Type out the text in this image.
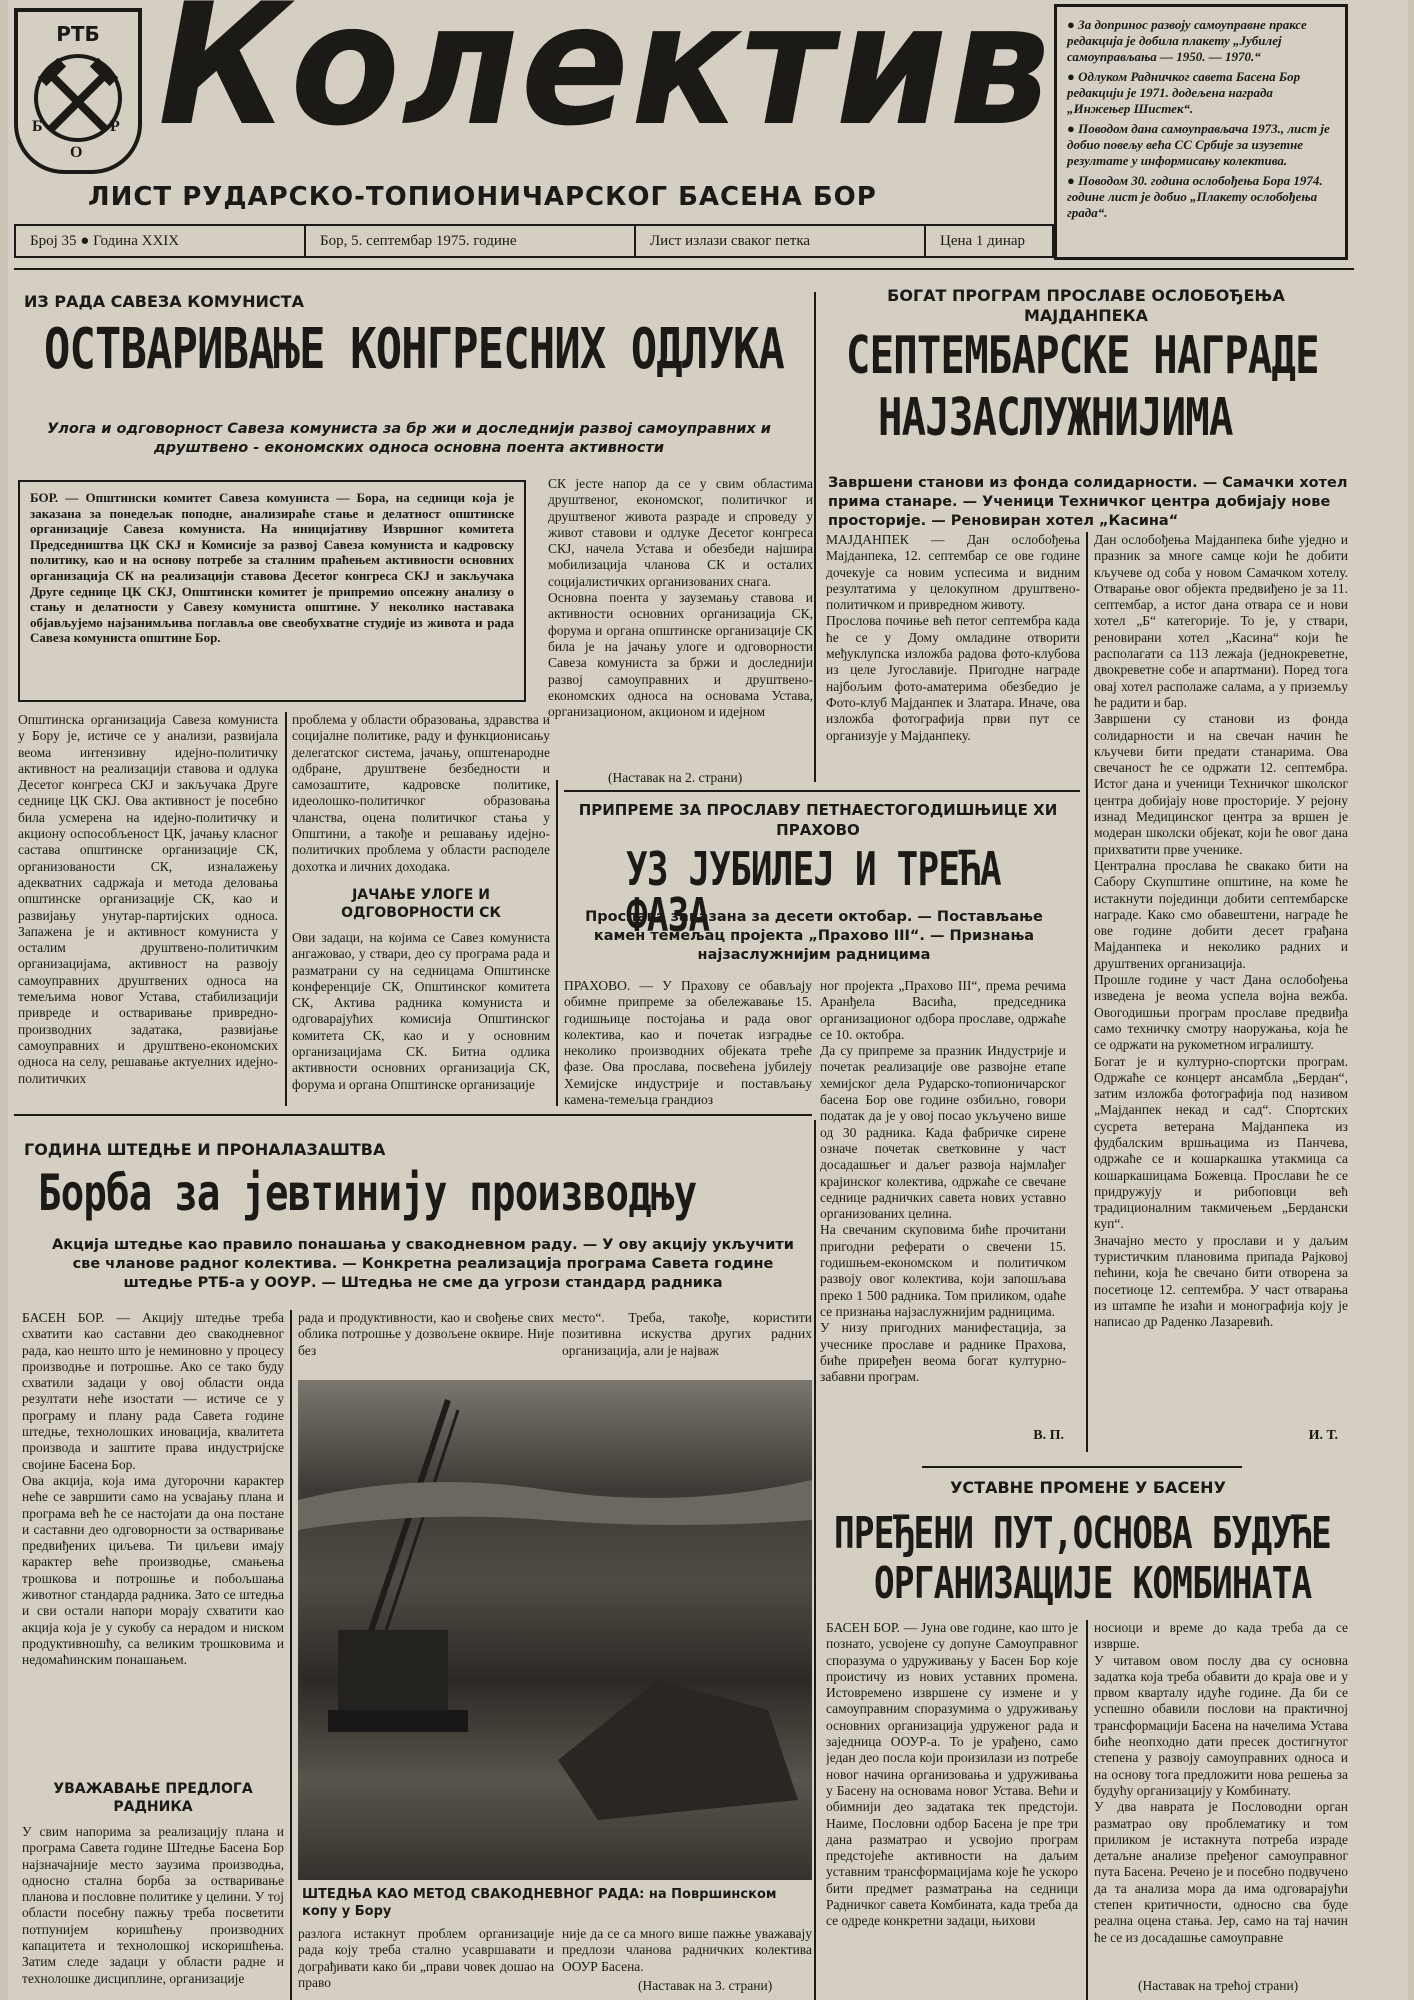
РТБ
Б
О
Р Колектив
ЛИСТ РУДАРСКО-ТОПИОНИЧАРСКОГ БАСЕНА БОР
Број 35 ● Година XXIX	Бор, 5. септембар 1975. године	Лист излази сваког петка	Цена 1 динар

● За допринос развоју самоуправне праксе редакција је добила плакету „Јубилеј самоуправљања — 1950. — 1970.“

● Одлуком Радничког савета Басена Бор редакцији је 1971. додељена награда „Инжењер Шистек“.

● Поводом дана самоуправљача 1973., лист је добио повељу већа СС Србије за изузетне резултате у информисању колектива.

● Поводом 30. година ослобођења Бора 1974. године лист је добио „Плакету ослобођења града“.

ИЗ РАДА САВЕЗА КОМУНИСТА
ОСТВАРИВАЊЕ КОНГРЕСНИХ ОДЛУКА
Улога и одговорност Савеза комуниста за бр жи и доследнији развој самоуправних и друштвено - економских односа основна поента активности
БОР. — Општински комитет Савеза комуниста — Бора, на седници која је заказана за понедељак поподне, анализираће стање и делатност општинске организације Савеза комуниста. На иницијативу Извршног комитета Председништва ЦК СКЈ и Комисије за развој Савеза комуниста и кадровску политику, као и на основу потребе за сталним праћењем активности основних организација СК на реализацији ставова Десетог конгреса СКЈ и закључака Друге седнице ЦК СКЈ, Општински комитет је припремио опсежну анализу о стању и делатности у Савезу комуниста општине. У неколико наставака објављујемо најзанимљива поглавља ове свеобухватне студије из живота и рада Савеза комуниста општине Бор.
СК јесте напор да се у свим областима друштвеног, економског, политичког и друштвеног живота разраде и спроведу у живот ставови и одлуке Десетог конгреса СКЈ, начела Устава и обезбеди најшира мобилизација чланова СК и осталих социјалистичких организованих снага.
Основна поента у зауземању ставова и активности основних организација СК, форума и органа општинске организације СК била је на јачању улоге и одговорности Савеза комуниста за бржи и доследнији развој самоуправних и друштвено-економских односа на основама Устава, организационом, акционом и идејном
(Наставак на 2. страни)
Општинска организација Савеза комуниста у Бору је, истиче се у анализи, развијала веома интензивну идејно-политичку активност на реализацији ставова и одлука Десетог конгреса СКЈ и закључака Друге седнице ЦК СКЈ. Ова активност је посебно била усмерена на идејно-политичку и акциону оспособљеност ЦК, јачању класног састава општинске организације СК, организованости СК, изналажењу адекватних садржаја и метода деловања општинске организације СК, као и развијању унутар-партијских односа. Запажена је и активност комуниста у осталим друштвено-политичким организацијама, активност на развоју самоуправних друштвених односа на темељима новог Устава, стабилизацији привреде и остваривање привредно-производних задатака, развијање самоуправних и друштвено-економских односа на селу, решавање актуелних идејно-политичких
проблема у области образовања, здравства и социјалне политике, раду и функционисању делегатског система, јачању, општенародне одбране, друштвене безбедности и самозаштите, кадровске политике, идеолошко-политичког образовања чланства, оцена политичког стања у Општини, а такође и решавању идејно-политичких проблема у области расподеле дохотка и личних доходака.
ЈАЧАЊЕ УЛОГЕ И ОДГОВОРНОСТИ СК
Ови задаци, на којима се Савез комуниста ангажовао, у ствари, део су програма рада и разматрани су на седницама Општинске конференције СК, Општинског комитета СК, Актива радника комуниста и одговарајућих комисија Општинског комитета СК, као и у основним организацијама СК. Битна одлика активности основних организација СК, форума и органа Општинске организације
ПРИПРЕМЕ ЗА ПРОСЛАВУ ПЕТНАЕСТОГОДИШЊИЦЕ ХИ ПРАХОВО
УЗ ЈУБИЛЕЈ И ТРЕЋА ФАЗА
Прослава заказана за десети октобар. — Постављање камен темељац пројекта „Прахово III“. — Признања најзаслужнијим радницима
ПРАХОВО. — У Прахову се обављају обимне припреме за обележавање 15. годишњице постојања и рада овог колектива, као и почетак изградње неколико производних објеката треће фазе. Ова прослава, посвећена јубилеју Хемијске индустрије и постављању камена-темељца грандиоз
ног пројекта „Прахово III“, према речима Аранђела Васића, председника организационог одбора прославе, одржаће се 10. октобра.
Да су припреме за празник Индустрије и почетак реализације ове развојне етапе хемијског дела Рударско-топионичарског басена Бор ове године озбиљно, говори податак да је у овој посао укључено више од 30 радника. Када фабричке сирене означе почетак светковине у част досадашњег и даљег развоја најмлађег крајинског колектива, одржаће се свечане седнице радничких савета нових уставно организованих целина.
На свечаним скуповима биће прочитани пригодни реферати о свечени 15. годишњем-економском и политичком развоју овог колектива, који запошљава преко 1 500 радника. Том приликом, одаће се признања најзаслужнијим радницима.
У низу пригодних манифестација, за учеснике прославе и раднике Прахова, биће приређен веома богат културно-забавни програм.
В. П.
БОГАТ ПРОГРАМ ПРОСЛАВЕ ОСЛОБОЂЕЊА МАЈДАНПЕКА
СЕПТЕМБАРСКЕ НАГРАДЕ
НАЈЗАСЛУЖНИЈИМА
Завршени станови из фонда солидарности. — Самачки хотел прима станаре. — Ученици Техничког центра добијају нове просторије. — Реновиран хотел „Касина“
МАЈДАНПЕК — Дан ослобођења Мајданпека, 12. септембар се ове године дочекује са новим успесима и видним резултатима у целокупном друштвено-политичком и привредном животу.
Прослова почиње већ петог септембра када ће се у Дому омладине отворити међуклупска изложба радова фото-клубова из целе Југославије. Пригодне награде најбољим фото-аматерима обезбедио је Фото-клуб Мајданпек и Златара. Иначе, ова изложба фотографија први пут се организује у Мајданпеку.
Дан ослобођења Мајданпека биће уједно и празник за многе самце који ће добити кључеве од соба у новом Самачком хотелу. Отварање овог објекта предвиђено је за 11. септембар, а истог дана отвара се и нови хотел „Б“ категорије. То је, у ствари, реновирани хотел „Касина“ који ће располагати са 113 лежаја (једнокреветне, двокреветне собе и апартмани). Поред тога овај хотел располаже салама, а у приземљу ће радити и бар.
Завршени су станови из фонда солидарности и на свечан начин ће кључеви бити предати станарима. Ова свечаност ће се одржати 12. септембра. Истог дана и ученици Техничког школског центра добијају нове просторије. У рејону изнад Медицинског центра за вршен је модеран школски објекат, који ће овог дана прихватити прве ученике.
Централна прослава ће свакако бити на Сабору Скупштине општине, на коме ће истакнути појединци добити септембарске награде. Како смо обавештени, награде ће ове године добити десет грађана Мајданпека и неколико радних и друштвених организација.
Прошле године у част Дана ослобођења изведена је веома успела војна вежба. Овогодишњи програм прославе предвиђа само техничку смотру наоружања, која ће се одржати на рукометном игралишту.
Богат је и културно-спортски програм. Одржаће се концерт ансамбла „Бердан“, затим изложба фотографија под називом „Мајданпек некад и сад“. Спортских сусрета ветерана Мајданпека из фудбалским вршњацима из Панчева, одржаће се и кошаркашка утакмица са кошаркашицама Божевца. Прослави ће се придружују и рибоповци већ традиционалним такмичењем „Бердански куп“.
Значајно место у прослави и у даљим туристичким плановима припада Рајковој пећини, која ће свечано бити отворена за посетиоце 12. септембра. У част отварања из штампе ће изаћи и монографија коју је написао др Раденко Лазаревић.
И. Т.
ГОДИНА ШТЕДЊЕ И ПРОНАЛАЗАШТВА
Борба за јевтинију производњу
Акција штедње као правило понашања у свакодневном раду. — У ову акцију укључити све чланове радног колектива. — Конкретна реализација програма Савета године штедње РТБ-а у ООУР. — Штедња не сме да угрози стандард радника
БАСЕН БОР. — Акцију штедње треба схватити као саставни део свакодневног рада, као нешто што је неминовно у процесу производње и потрошње. Ако се тако буду схватили задаци у овој области онда резултати неће изостати — истиче се у програму и плану рада Савета године штедње, технолошких иновација, квалитета производа и заштите права индустријске својине Басена Бор.
Ова акција, која има дугорочни карактер неће се завршити само на усвајању плана и програма већ ће се настојати да она постане и саставни део одговорности за остваривање предвиђених циљева. Ти циљеви имају карактер веће производње, смањења трошкова и потрошње и побољшања животног стандарда радника. Зато се штедња и сви остали напори морају схватити као акција која је у сукобу са нерадом и ниском продуктивношћу, са великим трошковима и недомаћинским понашањем.
УВАЖАВАЊЕ ПРЕДЛОГА РАДНИКА
У свим напорима за реализацију плана и програма Савета године Штедње Басена Бор најзначајније место заузима производња, односно стална борба за остваривање планова и пословне политике у целини. У тој области посебну пажњу треба посветити потпунијем коришћењу производних капацитета и технолошкој искоришћења. Затим следе задаци у области радне и технолошке дисциплине, организације
рада и продуктивности, као и свођење свих облика потрошње у дозвољене оквире. Није без
место“. Треба, такође, користити позитивна искуства других радних организација, али је најваж
ШТЕДЊА КАО МЕТОД СВАКОДНЕВНОГ РАДА: на Површинском копу у Бору
разлога истакнут проблем организације рада коју треба стално усавршавати и дограђивати како би „прави човек дошао на право
није да се са много више пажње уважавају предлози чланова радничких колектива ООУР Басена.
(Наставак на 3. страни)
УСТАВНЕ ПРОМЕНЕ У БАСЕНУ
ПРЕЂЕНИ ПУТ,ОСНОВА БУДУЋЕ
ОРГАНИЗАЦИЈЕ КОМБИНАТА
БАСЕН БОР. — Јуна ове године, као што је познато, усвојене су допуне Самоуправног споразума о удруживању у Басен Бор које проистичу из нових уставних промена. Истовремено извршене су измене и у самоуправним споразумима о удруживању основних организација удруженог рада и заједница ООУР-а. То је урађено, само један део посла који произилази из потребе новог начина организовања и удруживања у Басену на основама новог Устава. Већи и обимнији део задатака тек предстоји. Наиме, Пословни одбор Басена је пре три дана разматрао и усвојио програм предстојеће активности на даљим уставним трансформацијама које ће ускоро бити предмет разматрања на седници Радничког савета Комбината, када треба да се одреде конкретни задаци, њихови
носиоци и време до када треба да се изврше.
У читавом овом послу два су основна задатка која треба обавити до краја ове и у првом кварталу идуће године. Да би се успешно обавили послови на практичној трансформацији Басена на начелима Устава биће неопходно дати пресек достигнутог степена у развоју самоуправних односа и на основу тога предложити нова решења за будућу организацију у Комбинату.
У два наврата је Пословодни орган разматрао ову проблематику и том приликом је истакнута потреба израде детаљне анализе пређеног самоуправног пута Басена. Речено је и посебно подвучено да та анализа мора да има одговарајући степен критичности, односно сва буде реална оцена стања. Јер, само на тај начин ће се из досадашње самоуправне
(Наставак на трећој страни)
